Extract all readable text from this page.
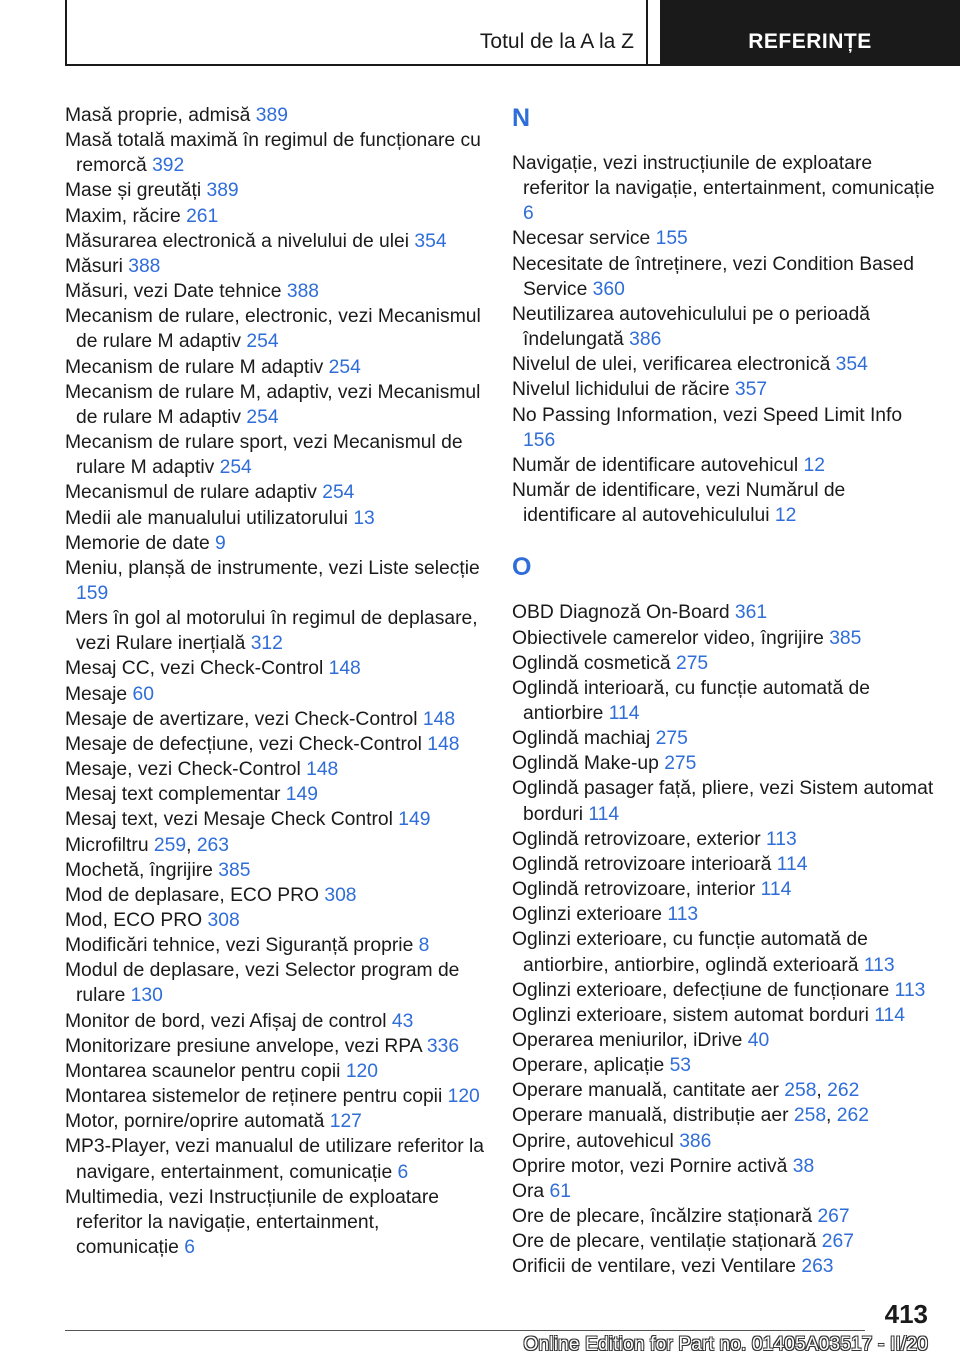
Totul de la A la Z	REFERINȚE
Masă proprie, admisă 389
Masă totală maximă în regimul de funcționare cu remorcă 392
Mase și greutăți 389
Maxim, răcire 261
Măsurarea electronică a nivelului de ulei 354
Măsuri 388
Măsuri, vezi Date tehnice 388
Mecanism de rulare, electronic, vezi Mecanismul de rulare M adaptiv 254
Mecanism de rulare M adaptiv 254
Mecanism de rulare M, adaptiv, vezi Mecanismul de rulare M adaptiv 254
Mecanism de rulare sport, vezi Mecanismul de rulare M adaptiv 254
Mecanismul de rulare adaptiv 254
Medii ale manualului utilizatorului 13
Memorie de date 9
Meniu, planșă de instrumente, vezi Liste selecție 159
Mers în gol al motorului în regimul de deplasare, vezi Rulare inerțială 312
Mesaj CC, vezi Check-Control 148
Mesaje 60
Mesaje de avertizare, vezi Check-Control 148
Mesaje de defecțiune, vezi Check-Control 148
Mesaje, vezi Check-Control 148
Mesaj text complementar 149
Mesaj text, vezi Mesaje Check Control 149
Microfiltru 259, 263
Mochetă, îngrijire 385
Mod de deplasare, ECO PRO 308
Mod, ECO PRO 308
Modificări tehnice, vezi Siguranță proprie 8
Modul de deplasare, vezi Selector program de rulare 130
Monitor de bord, vezi Afișaj de control 43
Monitorizare presiune anvelope, vezi RPA 336
Montarea scaunelor pentru copii 120
Montarea sistemelor de reținere pentru copii 120
Motor, pornire/oprire automată 127
MP3-Player, vezi manualul de utilizare referitor la navigare, entertainment, comunicație 6
Multimedia, vezi Instrucțiunile de exploatare referitor la navigație, entertainment, comunicație 6
N
Navigație, vezi instrucțiunile de exploatare referitor la navigație, entertainment, comunicație 6
Necesar service 155
Necesitate de întreținere, vezi Condition Based Service 360
Neutilizarea autovehiculului pe o perioadă îndelungată 386
Nivelul de ulei, verificarea electronică 354
Nivelul lichidului de răcire 357
No Passing Information, vezi Speed Limit Info 156
Număr de identificare autovehicul 12
Număr de identificare, vezi Numărul de identificare al autovehiculului 12
O
OBD Diagnoză On-Board 361
Obiectivele camerelor video, îngrijire 385
Oglindă cosmetică 275
Oglindă interioară, cu funcție automată de antiorbire 114
Oglindă machiaj 275
Oglindă Make-up 275
Oglindă pasager față, pliere, vezi Sistem automat borduri 114
Oglindă retrovizoare, exterior 113
Oglindă retrovizoare interioară 114
Oglindă retrovizoare, interior 114
Oglinzi exterioare 113
Oglinzi exterioare, cu funcție automată de antiorbire, antiorbire, oglindă exterioară 113
Oglinzi exterioare, defecțiune de funcționare 113
Oglinzi exterioare, sistem automat borduri 114
Operarea meniurilor, iDrive 40
Operare, aplicație 53
Operare manuală, cantitate aer 258, 262
Operare manuală, distribuție aer 258, 262
Oprire, autovehicul 386
Oprire motor, vezi Pornire activă 38
Ora 61
Ore de plecare, încălzire staționară 267
Ore de plecare, ventilație staționară 267
Orificii de ventilare, vezi Ventilare 263
413
Online Edition for Part no. 01405A03517 - II/20
